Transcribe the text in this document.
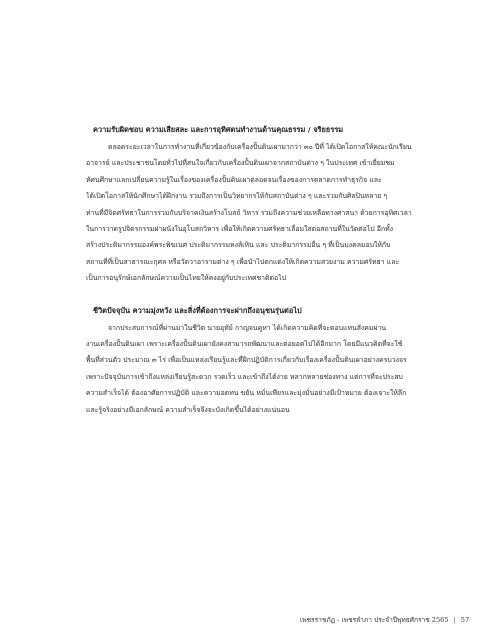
ความรับผิดชอบ ความเสียสละ และการอุทิศตนทำงานด้านคุณธรรม / จริยธรรม
ตลอดระยะเวลาในการทำงานที่เกี่ยวข้องกับเครื่องปั้นดินเผามากว่า ๓๐ ปีที่ ได้เปิดโอกาสให้คณะนักเรียน
อาจารย์ และประชาชนโดยทั่วไปที่สนใจเกี่ยวกับเครื่องปั้นดินเผาจากสถาบันต่าง ๆ ในประเทศ เข้าเยี่ยมชม
ทัศนศึกษาแลกเปลี่ยนความรู้ในเรื่องของเครื่องปั้นดินเผาตลอดจนเรื่องของการตลาดการทำธุรกิจ และ
ได้เปิดโอกาสให้นักศึกษาได้ฝึกงาน รวมถึงการเป็นวิทยากรให้กับสถาบันต่าง ๆ และร่วมกับศิลปินหลาย ๆ
ท่านที่มีจิตศรัทธาในการร่วมกับบริจาคเงินสร้างโบสถ์ วิหาร รวมถึงความช่วยเหลือทางศาสนา ด้วยการอุทิศเวลา
ในการวาดรูปจิตรกรรมฝาผนังในอุโบสถวิหาร เพื่อให้เกิดความศรัทธาเลื่อมใสต่อสถานที่ในวัดต่อไป อีกทั้ง
สร้างประติมากรรมองค์พระพิฆเนศ ประติมากรรมหงส์เหิน และ ประติมากรรมอื่น ๆ ที่เป็นมงคลมอบให้กับ
สถานที่ที่เป็นสาธารณะกุศล หรือวัดวาอารามต่าง ๆ เพื่อนำไปตกแต่งให้เกิดความสวยงาม ความศรัทธา และ
เป็นการอนุรักษ์เอกลักษณ์ความเป็นไทยให้คงอยู่กับประเทศชาติต่อไป
ชีวิตปัจจุบัน ความมุ่งหวัง และสิ่งที่ต้องการจะฝากถึงอนุชนรุ่นต่อไป
จากประสบการณ์ที่ผ่านมาในชีวิต นายอุทัย์ กาญจนคูหา ได้เกิดความคิดที่จะตอบแทนสังคมผ่าน
งานเครื่องปั้นดินเผา เพราะเครื่องปั้นดินเผายังคงสามารถพัฒนาและต่อยอดไปได้อีกมาก โดยมีแนวคิดที่จะใช้
พื้นที่ส่วนตัว ประมาณ ๓ ไร่ เพื่อเป็นแหล่งเรียนรู้และที่ฝึกปฏิบัติการเกี่ยวกับเรื่องเครื่องปั้นดินเผาอย่างครบวงจร
เพราะปัจจุบันการเข้าถึงแหล่งเรียนรู้สะดวก รวดเร็ว และเข้าถึงได้ง่าย หลากหลายช่องทาง แต่การที่จะประสบ
ความสำเร็จได้ ต้องอาศัยการปฏิบัติ และความอดทน ขยัน หมั่นเพียรและมุ่งมั่นอย่างมีเป้าหมาย ต้องเจาะให้ลึก
และรู้จริงอย่างมีเอกลักษณ์ ความสำเร็จจึงจะบังเกิดขึ้นได้อย่างแน่นอน
เพชรราชภัฏ - เพชรลำภา ประจำปีพุทธศักราช 2565 | 57
